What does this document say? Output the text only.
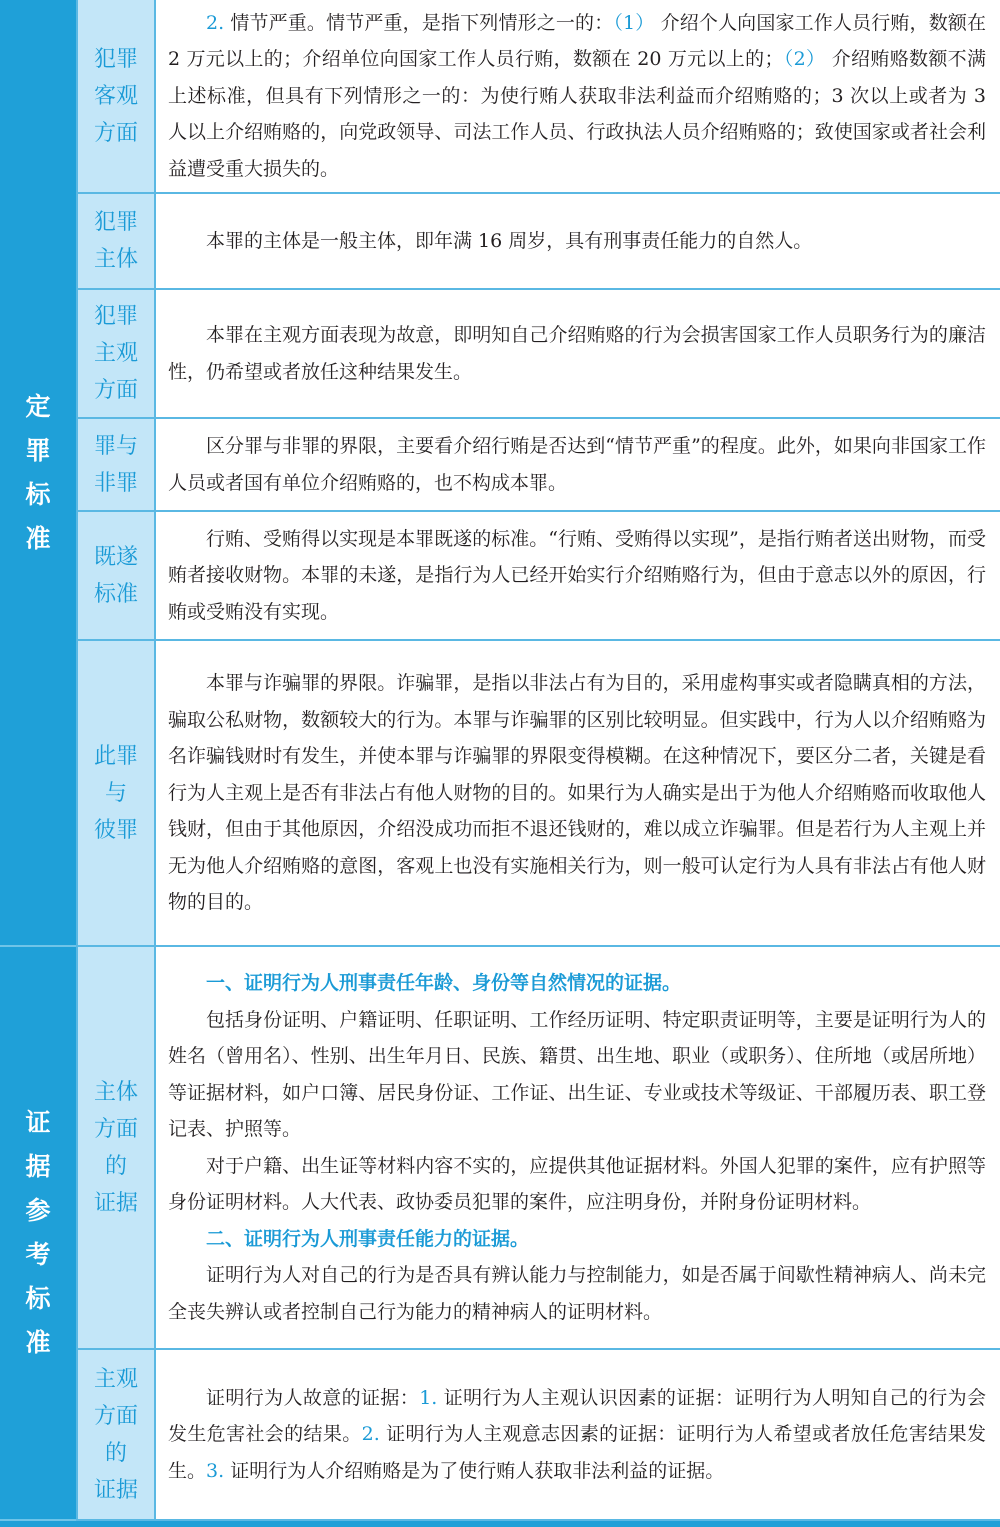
定
罪
标
准
证
据
参
考
标
准
犯罪
客观
方面

2. 情节严重。情节严重，是指下列情形之一的：（1） 介绍个人向国家工作人员行贿，数额在 2 万元以上的；介绍单位向国家工作人员行贿，数额在 20 万元以上的；（2） 介绍贿赂数额不满上述标准，但具有下列情形之一的：为使行贿人获取非法利益而介绍贿赂的；3 次以上或者为 3 人以上介绍贿赂的，向党政领导、司法工作人员、行政执法人员介绍贿赂的；致使国家或者社会利益遭受重大损失的。

犯罪
主体

本罪的主体是一般主体，即年满 16 周岁，具有刑事责任能力的自然人。

犯罪
主观
方面

本罪在主观方面表现为故意，即明知自己介绍贿赂的行为会损害国家工作人员职务行为的廉洁性，仍希望或者放任这种结果发生。

罪与
非罪

区分罪与非罪的界限，主要看介绍行贿是否达到“情节严重”的程度。此外，如果向非国家工作人员或者国有单位介绍贿赂的，也不构成本罪。

既遂
标准

行贿、受贿得以实现是本罪既遂的标准。“行贿、受贿得以实现”，是指行贿者送出财物，而受贿者接收财物。本罪的未遂，是指行为人已经开始实行介绍贿赂行为，但由于意志以外的原因，行贿或受贿没有实现。

此罪
与
彼罪

本罪与诈骗罪的界限。诈骗罪，是指以非法占有为目的，采用虚构事实或者隐瞒真相的方法，骗取公私财物，数额较大的行为。本罪与诈骗罪的区别比较明显。但实践中，行为人以介绍贿赂为名诈骗钱财时有发生，并使本罪与诈骗罪的界限变得模糊。在这种情况下，要区分二者，关键是看行为人主观上是否有非法占有他人财物的目的。如果行为人确实是出于为他人介绍贿赂而收取他人钱财，但由于其他原因，介绍没成功而拒不退还钱财的，难以成立诈骗罪。但是若行为人主观上并无为他人介绍贿赂的意图，客观上也没有实施相关行为，则一般可认定行为人具有非法占有他人财物的目的。

主体
方面
的
证据

一、证明行为人刑事责任年龄、身份等自然情况的证据。

包括身份证明、户籍证明、任职证明、工作经历证明、特定职责证明等，主要是证明行为人的姓名（曾用名）、性别、出生年月日、民族、籍贯、出生地、职业（或职务）、住所地（或居所地）等证据材料，如户口簿、居民身份证、工作证、出生证、专业或技术等级证、干部履历表、职工登记表、护照等。

对于户籍、出生证等材料内容不实的，应提供其他证据材料。外国人犯罪的案件，应有护照等身份证明材料。人大代表、政协委员犯罪的案件，应注明身份，并附身份证明材料。

二、证明行为人刑事责任能力的证据。

证明行为人对自己的行为是否具有辨认能力与控制能力，如是否属于间歇性精神病人、尚未完全丧失辨认或者控制自己行为能力的精神病人的证明材料。

主观
方面
的
证据

证明行为人故意的证据：1. 证明行为人主观认识因素的证据：证明行为人明知自己的行为会发生危害社会的结果。2. 证明行为人主观意志因素的证据：证明行为人希望或者放任危害结果发生。3. 证明行为人介绍贿赂是为了使行贿人获取非法利益的证据。
